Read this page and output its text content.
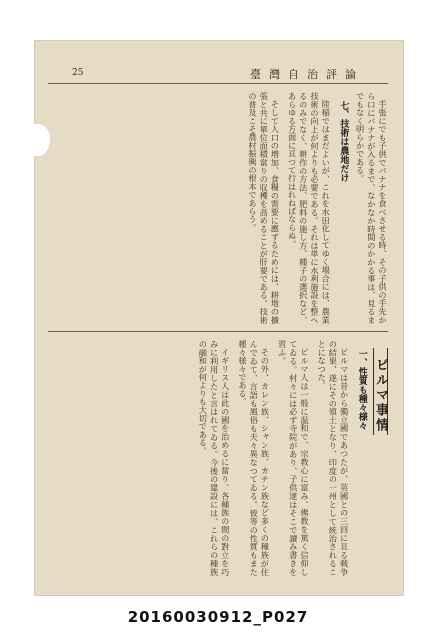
25	臺灣自治評論

手張にでも子供でバナナを食べさせる時、その子供の手先から口にバナナが入るまで、なかなか時間のかかる事は、見るまでもなく明らかである。

七、技術は農地だけ

陸稲ではまだよいが、これを水田化してゆく場合には、農業技術の向上が何よりも必要である。それは単に水利施設を整へるのみでなく、耕作の方法、肥料の施し方、種子の選択など、あらゆる方面に亘つて行はれねばならぬ。

そして人口の増加、食糧の需要に應ずるためには、耕地の擴張と共に單位面積當りの収穫を高めることが肝要である。技術の普及こそ農村振興の根本であらう。

ビルマ事情

一、性質も種々様々

ビルマは昔から獨立國であつたが、英國との三回に亘る戦争の結果、遂にその領土となり、印度の一州として統治されることになつた。

ビルマ人は一般に温和で、宗教心に富み、佛教を篤く信仰してゐる。村々には必ず寺院があり、子供達はそこで讀み書きを習ふ。

その外、カレン族、シャン族、カチン族など多くの種族が住んでゐて、言語も風俗も夫々異なつてゐる。彼等の性質もまた種々様々である。

イギリス人は此の國を治めるに當り、各種族の間の對立を巧みに利用したと言はれてゐる。今後の建設には、これらの種族の融和が何よりも大切である。

20160030912_P027
